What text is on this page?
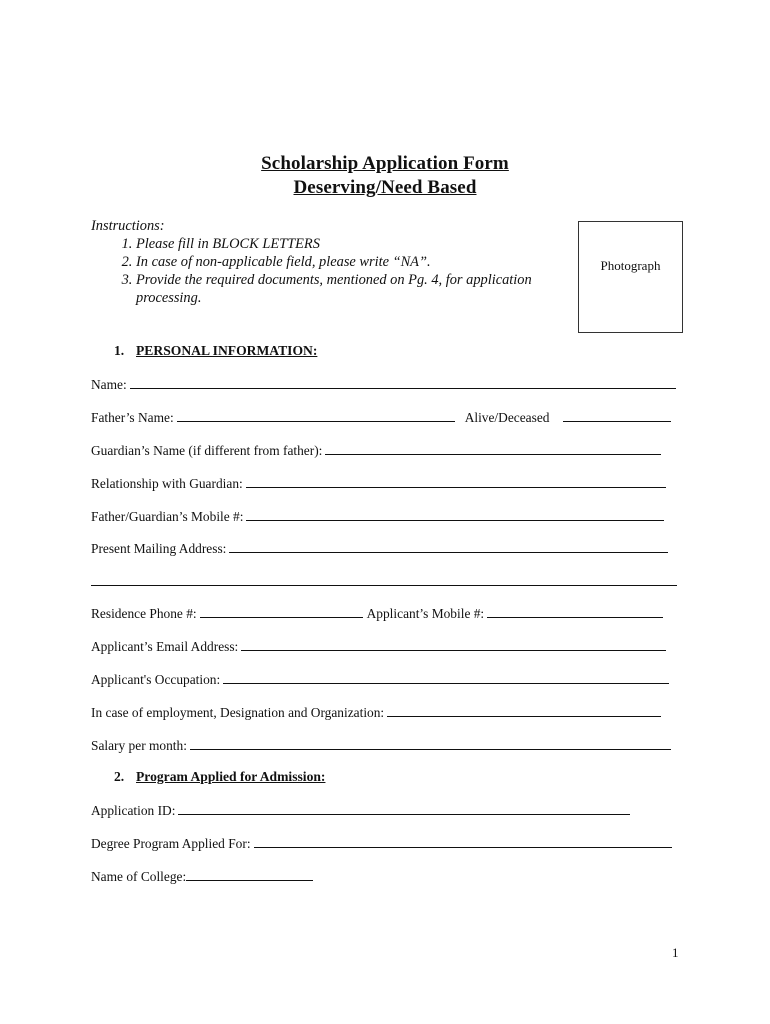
Scholarship Application Form
Deserving/Need Based
Instructions:
1. Please fill in BLOCK LETTERS
2. In case of non-applicable field, please write “NA”.
3. Provide the required documents, mentioned on Pg. 4, for application processing.
Photograph
1. PERSONAL INFORMATION:
Name:
Father’s Name:	Alive/Deceased
Guardian’s Name (if different from father):
Relationship with Guardian:
Father/Guardian’s Mobile #:
Present Mailing Address:
Residence Phone #:	Applicant’s Mobile #:
Applicant’s Email Address:
Applicant's Occupation:
In case of employment, Designation and Organization:
Salary per month:
2. Program Applied for Admission:
Application ID:
Degree Program Applied For:
Name of College:
1
